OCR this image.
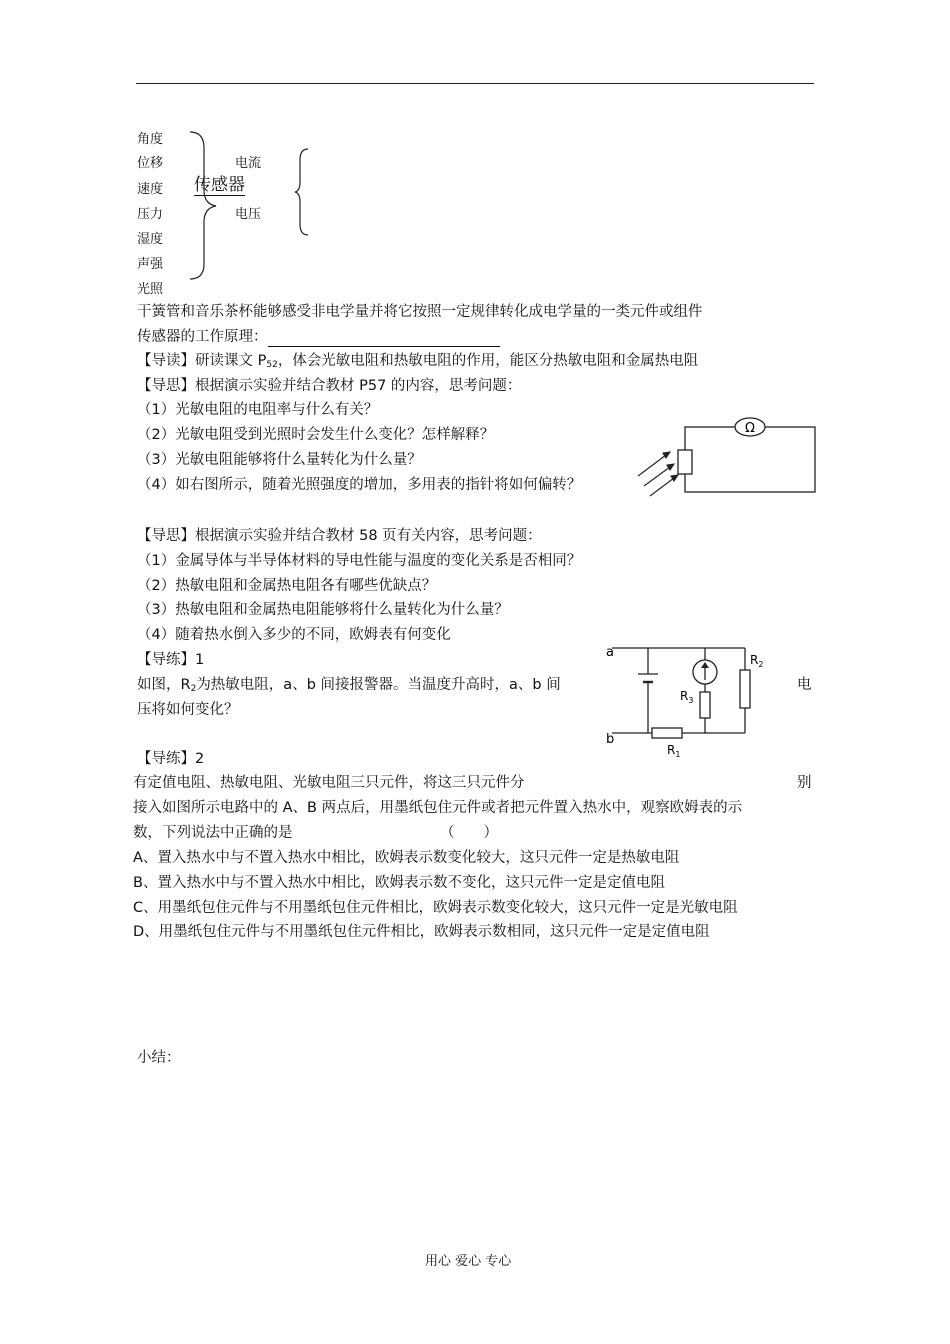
角度
位移
速度
压力
湿度
声强
光照
传感器
电流
电压
干簧管和音乐茶杯能够感受非电学量并将它按照一定规律转化成电学量的一类元件或组件
传感器的工作原理：
【导读】研读课文 $P_{52}$，体会光敏电阻和热敏电阻的作用，能区分热敏电阻和金属热电阻
【导思】根据演示实验并结合教材 P57 的内容，思考问题：
（1）光敏电阻的电阻率与什么有关？
（2）光敏电阻受到光照时会发生什么变化？怎样解释？
（3）光敏电阻能够将什么量转化为什么量？
（4）如右图所示，随着光照强度的增加，多用表的指针将如何偏转？
Ω
【导思】根据演示实验并结合教材 58 页有关内容，思考问题：
（1）金属导体与半导体材料的导电性能与温度的变化关系是否相同？
（2）热敏电阻和金属热电阻各有哪些优缺点？
（3）热敏电阻和金属热电阻能够将什么量转化为什么量？
（4）随着热水倒入多少的不同，欧姆表有何变化
【导练】1
如图，$R_2$为热敏电阻，a、b 间接报警器。当温度升高时，a、b 间	电
压将如何变化？
a
b
$R_2$
$R_3$
$R_1$
【导练】2
有定值电阻、热敏电阻、光敏电阻三只元件，将这三只元件分	别
接入如图所示电路中的 A、B 两点后，用墨纸包住元件或者把元件置入热水中，观察欧姆表的示
数，下列说法中正确的是	（　　）
A、置入热水中与不置入热水中相比，欧姆表示数变化较大，这只元件一定是热敏电阻
B、置入热水中与不置入热水中相比，欧姆表示数不变化，这只元件一定是定值电阻
C、用墨纸包住元件与不用墨纸包住元件相比，欧姆表示数变化较大，这只元件一定是光敏电阻
D、用墨纸包住元件与不用墨纸包住元件相比，欧姆表示数相同，这只元件一定是定值电阻
小结：
用心 爱心 专心
